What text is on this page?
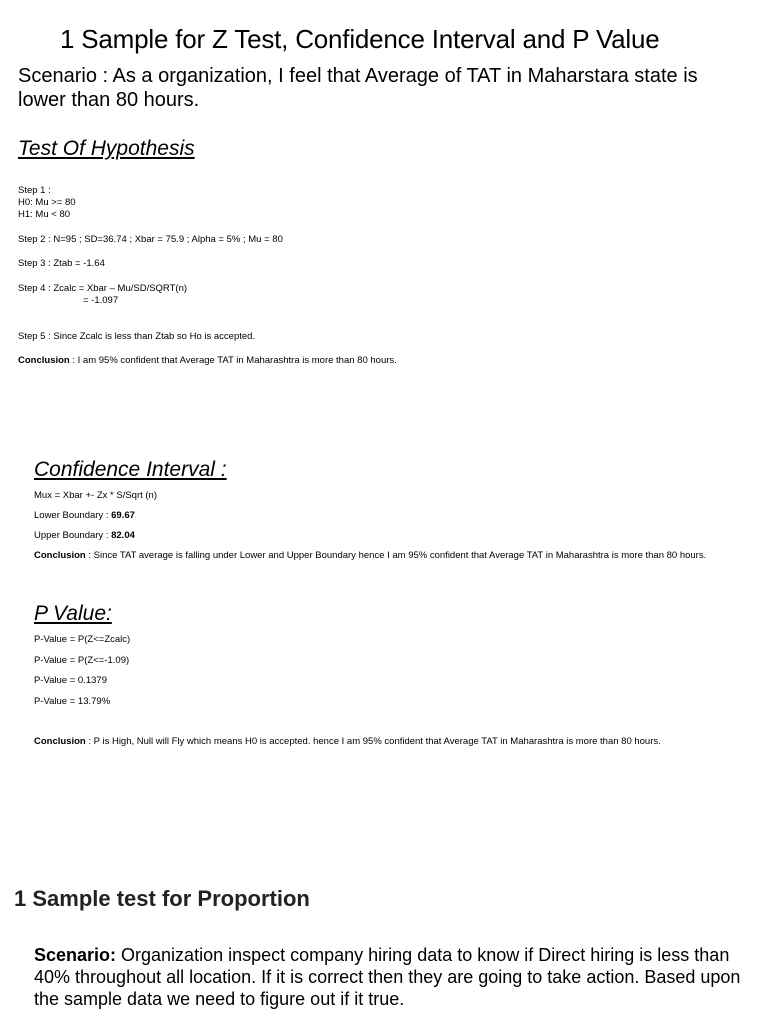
1 Sample for Z Test, Confidence Interval and P Value

Scenario : As a organization, I feel that Average of TAT in Maharstara state is lower than 80 hours.

Test Of Hypothesis
Step 1 :
H0: Mu >= 80
H1: Mu < 80
Step 2 : N=95 ; SD=36.74 ; Xbar = 75.9 ; Alpha = 5% ; Mu = 80
Step 3 : Ztab = -1.64
Step 4 : Zcalc = Xbar – Mu/SD/SQRT(n)
= -1.097
Step 5 : Since Zcalc is less than Ztab so Ho is accepted.
Conclusion : I am 95% confident that Average TAT in Maharashtra is more than 80 hours.
Confidence Interval :
Mux = Xbar +- Zx * S/Sqrt (n)
Lower Boundary : 69.67
Upper Boundary : 82.04
Conclusion : Since TAT average is falling under Lower and Upper Boundary hence I am 95% confident that Average TAT in Maharashtra is more than 80 hours.
P Value:
P-Value = P(Z<=Zcalc)
P-Value = P(Z<=-1.09)
P-Value = 0.1379
P-Value = 13.79%
Conclusion : P is High, Null will Fly which means H0 is accepted. hence I am 95% confident that Average TAT in Maharashtra is more than 80 hours.
1 Sample test for Proportion

Scenario: Organization inspect company hiring data to know if Direct hiring is less than 40% throughout all location. If it is correct then they are going to take action. Based upon the sample data we need to figure out if it true.
